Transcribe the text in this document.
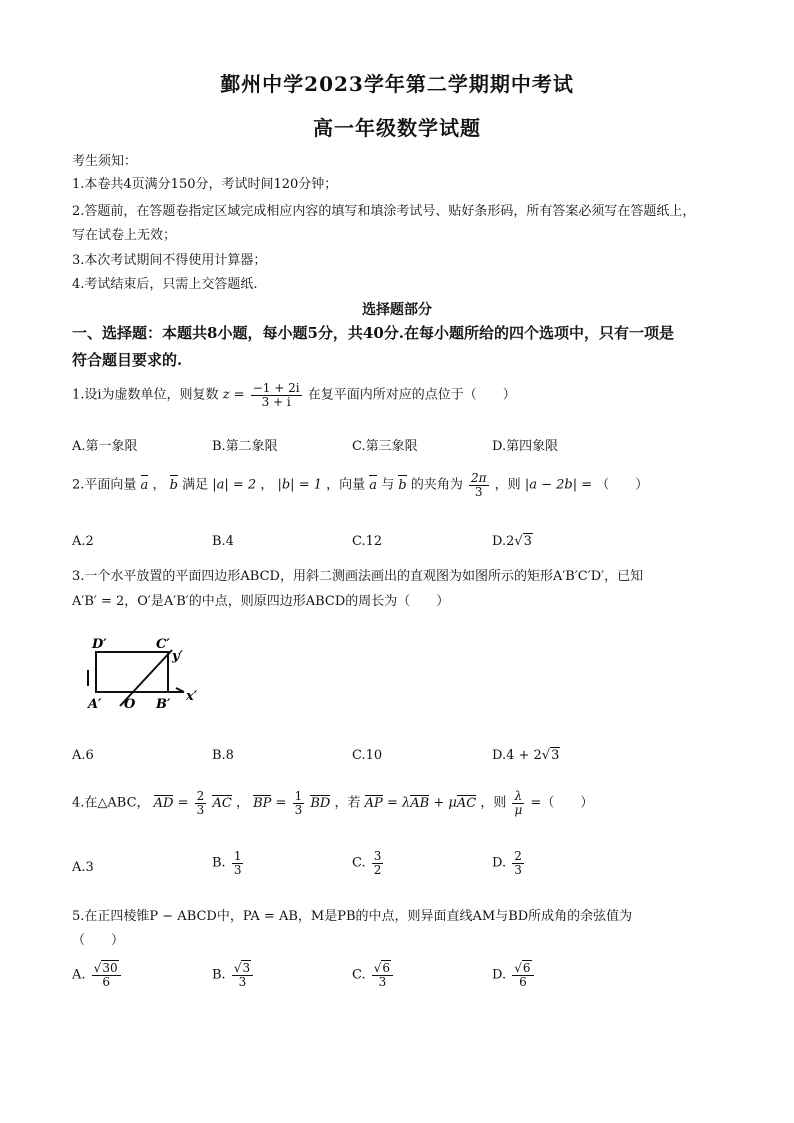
鄞州中学2023学年第二学期期中考试
高一年级数学试题
考生须知：
1.本卷共4页满分150分，考试时间120分钟；
2.答题前，在答题卷指定区域完成相应内容的填写和填涂考试号、贴好条形码，所有答案必须写在答题纸上，
写在试卷上无效；
3.本次考试期间不得使用计算器；
4.考试结束后，只需上交答题纸.
选择题部分
一、选择题：本题共8小题，每小题5分，共40分.在每小题所给的四个选项中，只有一项是
符合题目要求的.
1.设i为虚数单位，则复数 $z = \frac{-1 + 2i}{3 + i}$ 在复平面内所对应的点位于（　　）
A.第一象限	B.第二象限	C.第三象限	D.第四象限
2.平面向量 a ， b 满足 |a| = 2 ， |b| = 1 ，向量 a 与 b 的夹角为 $\frac{2\pi}{3}$ ，则 |a − 2b| = （　　）
A.2	B.4	C.12	D.2√3
3.一个水平放置的平面四边形ABCD，用斜二测画法画出的直观图为如图所示的矩形A′B′C′D′，已知
A′B′ = 2，O′是A′B′的中点，则原四边形ABCD的周长为（　　）
D′	C′
y′
A′ O B′
x′
A.6	B.8	C.10	D.4 + 2√3
4.在△ABC， AD = $\frac{2}{3}$ AC ， BP = $\frac{1}{3}$ BD ，若 AP = λAB + μAC ，则 $\frac{\lambda}{\mu}$ =（　　）
A.3	B. $\frac{1}{3}$	C. $\frac{3}{2}$	D. $\frac{2}{3}$
5.在正四棱锥P − ABCD中，PA = AB，M是PB的中点，则异面直线AM与BD所成角的余弦值为
（　　）
A. $\frac{√30}{6}$	B. $\frac{√3}{3}$	C. $\frac{√6}{3}$	D. $\frac{√6}{6}$
